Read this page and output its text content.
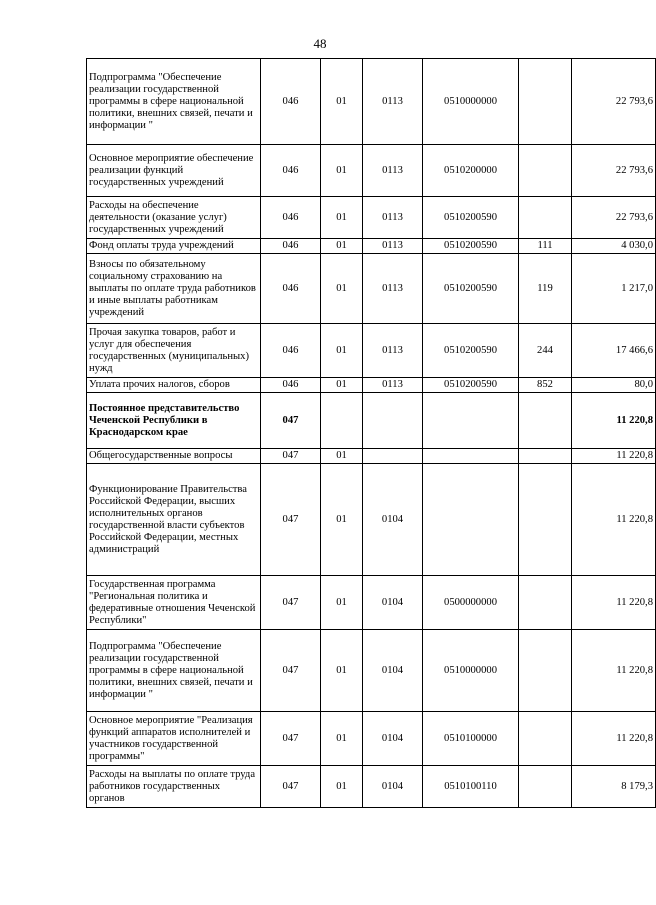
48
Подпрограмма "Обеспечение реализации государственной программы в сфере национальной политики, внешних связей, печати и информации "	046	01	0113	0510000000		22 793,6
Основное мероприятие обеспечение реализации функций государственных учреждений	046	01	0113	0510200000		22 793,6
Расходы на обеспечение деятельности (оказание услуг) государственных учреждений	046	01	0113	0510200590		22 793,6
Фонд оплаты труда учреждений	046	01	0113	0510200590	111	4 030,0
Взносы по обязательному социальному страхованию на выплаты по оплате труда работников и иные выплаты работникам учреждений	046	01	0113	0510200590	119	1 217,0
Прочая закупка товаров, работ и услуг для обеспечения государственных (муниципальных) нужд	046	01	0113	0510200590	244	17 466,6
Уплата прочих налогов, сборов	046	01	0113	0510200590	852	80,0
Постоянное представительство Чеченской Республики в Краснодарском крае	047					11 220,8
Общегосударственные вопросы	047	01				11 220,8
Функционирование Правительства Российской Федерации, высших исполнительных органов государственной власти субъектов Российской Федерации, местных администраций	047	01	0104			11 220,8
Государственная программа "Региональная политика и федеративные отношения Чеченской Республики"	047	01	0104	0500000000		11 220,8
Подпрограмма "Обеспечение реализации государственной программы в сфере национальной политики, внешних связей, печати и информации "	047	01	0104	0510000000		11 220,8
Основное мероприятие "Реализация функций аппаратов исполнителей и участников государственной программы"	047	01	0104	0510100000		11 220,8
Расходы на выплаты по оплате труда работников государственных органов	047	01	0104	0510100110		8 179,3
